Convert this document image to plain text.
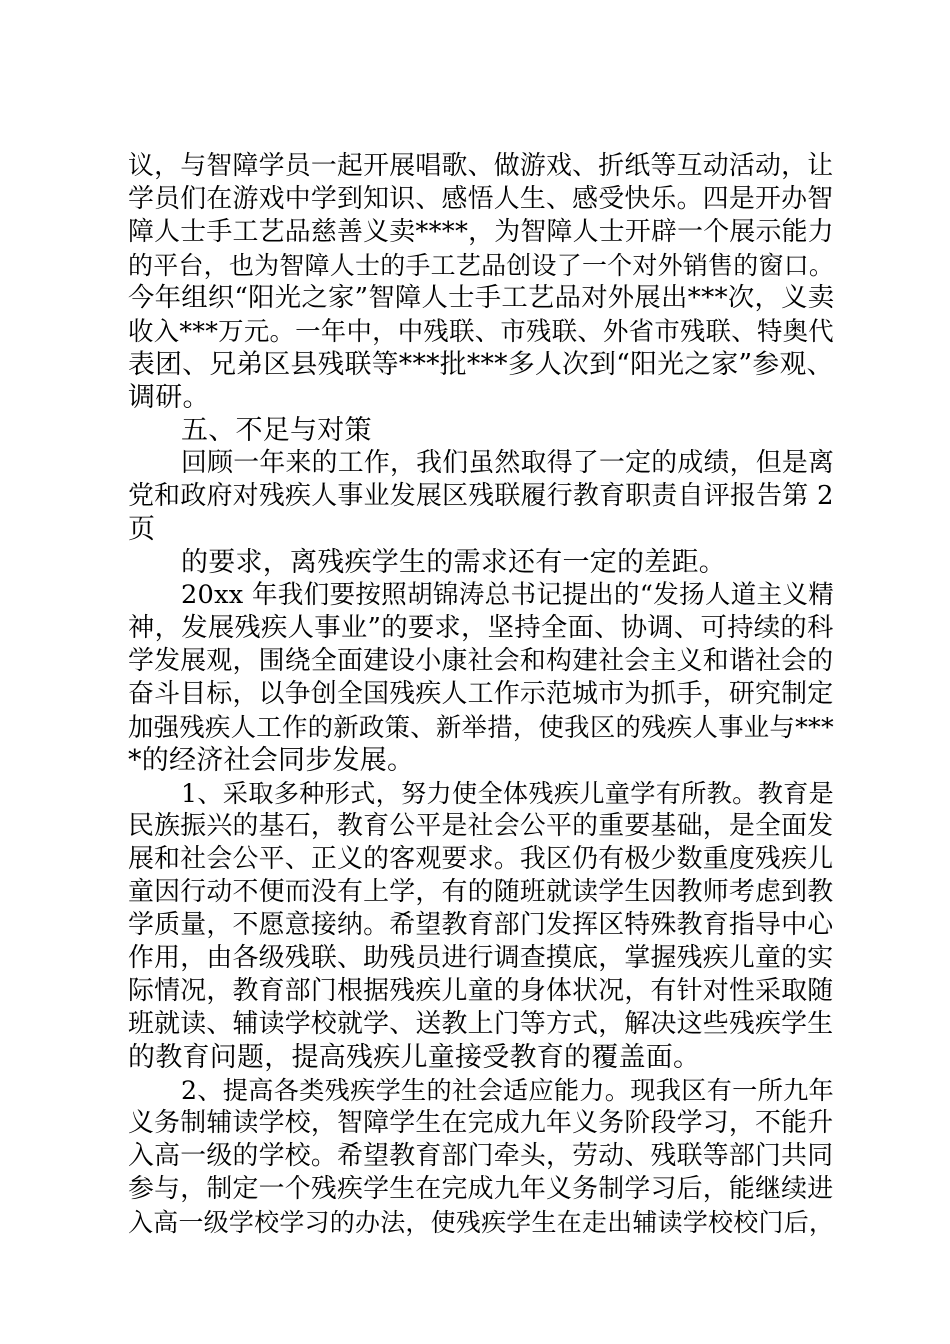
议，与智障学员一起开展唱歌、做游戏、折纸等互动活动，让
学员们在游戏中学到知识、感悟人生、感受快乐。四是开办智
障人士手工艺品慈善义卖****，为智障人士开辟一个展示能力
的平台，也为智障人士的手工艺品创设了一个对外销售的窗口。
今年组织“阳光之家”智障人士手工艺品对外展出***次，义卖
收入***万元。一年中，中残联、市残联、外省市残联、特奥代
表团、兄弟区县残联等***批***多人次到“阳光之家”参观、
调研。
五、不足与对策
回顾一年来的工作，我们虽然取得了一定的成绩，但是离
党和政府对残疾人事业发展区残联履行教育职责自评报告第 2
页
的要求，离残疾学生的需求还有一定的差距。
20xx 年我们要按照胡锦涛总书记提出的“发扬人道主义精
神，发展残疾人事业”的要求，坚持全面、协调、可持续的科
学发展观，围绕全面建设小康社会和构建社会主义和谐社会的
奋斗目标，以争创全国残疾人工作示范城市为抓手，研究制定
加强残疾人工作的新政策、新举措，使我区的残疾人事业与***
*的经济社会同步发展。
1、采取多种形式，努力使全体残疾儿童学有所教。教育是
民族振兴的基石，教育公平是社会公平的重要基础，是全面发
展和社会公平、正义的客观要求。我区仍有极少数重度残疾儿
童因行动不便而没有上学，有的随班就读学生因教师考虑到教
学质量，不愿意接纳。希望教育部门发挥区特殊教育指导中心
作用，由各级残联、助残员进行调查摸底，掌握残疾儿童的实
际情况，教育部门根据残疾儿童的身体状况，有针对性采取随
班就读、辅读学校就学、送教上门等方式，解决这些残疾学生
的教育问题，提高残疾儿童接受教育的覆盖面。
2、提高各类残疾学生的社会适应能力。现我区有一所九年
义务制辅读学校，智障学生在完成九年义务阶段学习，不能升
入高一级的学校。希望教育部门牵头，劳动、残联等部门共同
参与，制定一个残疾学生在完成九年义务制学习后，能继续进
入高一级学校学习的办法，使残疾学生在走出辅读学校校门后，
